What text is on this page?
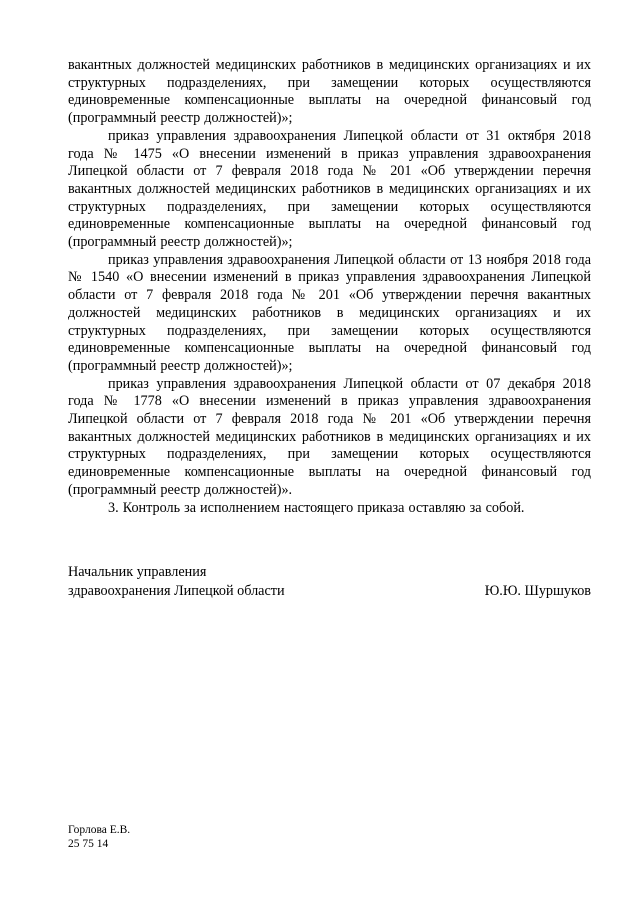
вакантных должностей медицинских работников в медицинских организациях и их структурных подразделениях, при замещении которых осуществляются единовременные компенсационные выплаты на очередной финансовый год (программный реестр должностей)»;

приказ управления здравоохранения Липецкой области от 31 октября 2018 года № 1475 «О внесении изменений в приказ управления здравоохранения Липецкой области от 7 февраля 2018 года № 201 «Об утверждении перечня вакантных должностей медицинских работников в медицинских организациях и их структурных подразделениях, при замещении которых осуществляются единовременные компенсационные выплаты на очередной финансовый год (программный реестр должностей)»;

приказ управления здравоохранения Липецкой области от 13 ноября 2018 года № 1540 «О внесении изменений в приказ управления здравоохранения Липецкой области от 7 февраля 2018 года № 201 «Об утверждении перечня вакантных должностей медицинских работников в медицинских организациях и их структурных подразделениях, при замещении которых осуществляются единовременные компенсационные выплаты на очередной финансовый год (программный реестр должностей)»;

приказ управления здравоохранения Липецкой области от 07 декабря 2018 года № 1778 «О внесении изменений в приказ управления здравоохранения Липецкой области от 7 февраля 2018 года № 201 «Об утверждении перечня вакантных должностей медицинских работников в медицинских организациях и их структурных подразделениях, при замещении которых осуществляются единовременные компенсационные выплаты на очередной финансовый год (программный реестр должностей)».

3. Контроль за исполнением настоящего приказа оставляю за собой.

Начальник управления
здравоохранения Липецкой области	Ю.Ю. Шуршуков
Горлова Е.В.
25 75 14
